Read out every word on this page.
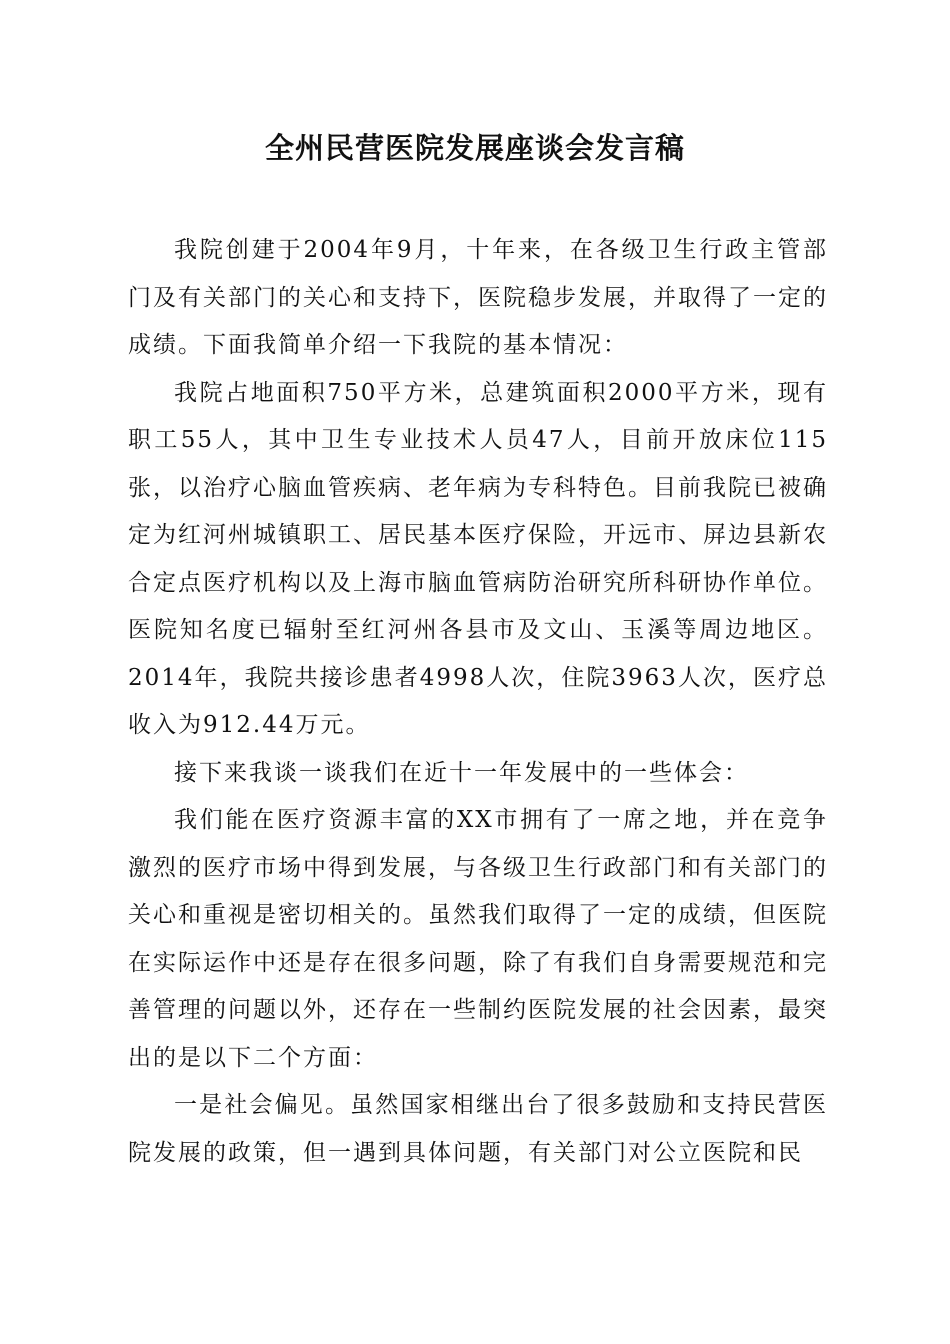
全州民营医院发展座谈会发言稿

我院创建于2004年9月，十年来，在各级卫生行政主管部门及有关部门的关心和支持下，医院稳步发展，并取得了一定的成绩。下面我简单介绍一下我院的基本情况：

我院占地面积750平方米，总建筑面积2000平方米，现有职工55人，其中卫生专业技术人员47人，目前开放床位115张，以治疗心脑血管疾病、老年病为专科特色。目前我院已被确定为红河州城镇职工、居民基本医疗保险，开远市、屏边县新农合定点医疗机构以及上海市脑血管病防治研究所科研协作单位。医院知名度已辐射至红河州各县市及文山、玉溪等周边地区。2014年，我院共接诊患者4998人次，住院3963人次，医疗总收入为912.44万元。

接下来我谈一谈我们在近十一年发展中的一些体会：

我们能在医疗资源丰富的XX市拥有了一席之地，并在竞争激烈的医疗市场中得到发展，与各级卫生行政部门和有关部门的关心和重视是密切相关的。虽然我们取得了一定的成绩，但医院在实际运作中还是存在很多问题，除了有我们自身需要规范和完善管理的问题以外，还存在一些制约医院发展的社会因素，最突出的是以下二个方面：

一是社会偏见。虽然国家相继出台了很多鼓励和支持民营医院发展的政策，但一遇到具体问题，有关部门对公立医院和民
